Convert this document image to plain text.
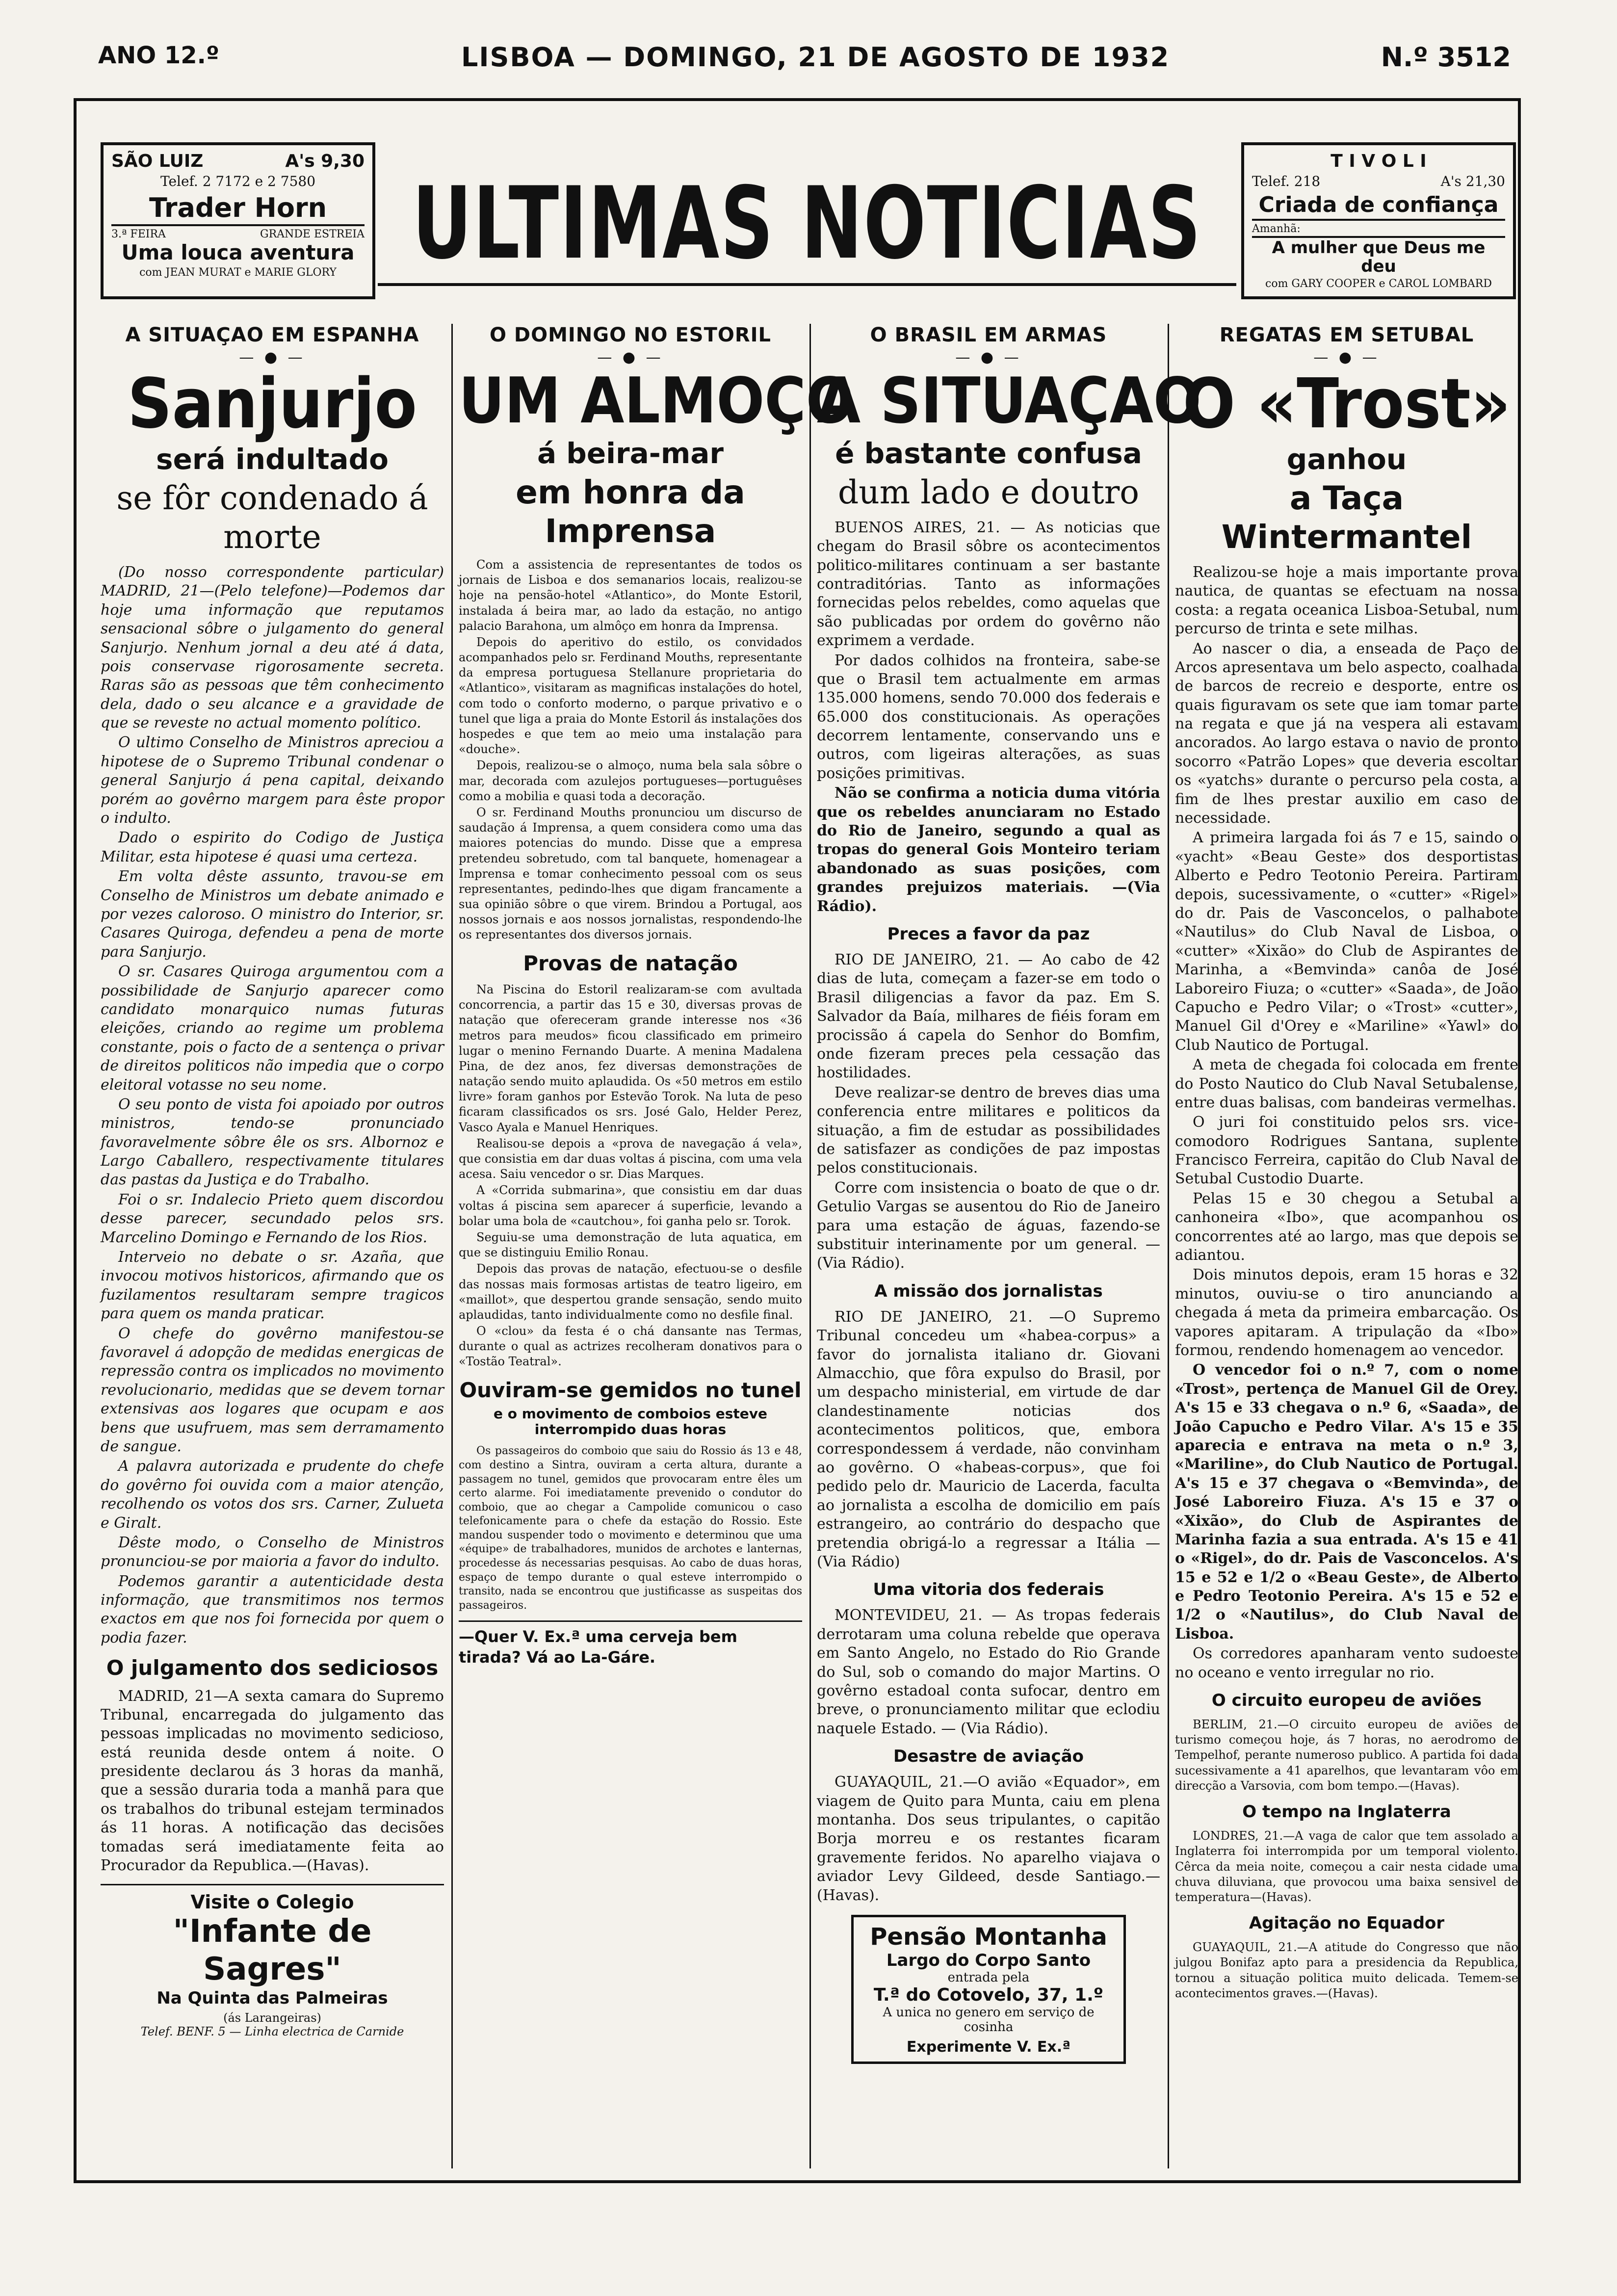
ANO 12.º	LISBOA — DOMINGO, 21 DE AGOSTO DE 1932	N.º 3512
SÃO LUIZ	A's 9,30
Telef. 2 7172 e 2 7580
Trader Horn
3.ª FEIRA	GRANDE ESTREIA
Uma louca aventura
com JEAN MURAT e MARIE GLORY	ULTIMAS NOTICIAS
T I V O L I
Telef. 218	A's 21,30
Criada de confiança
Amanhã:
A mulher que Deus me deu
com GARY COOPER e CAROL LOMBARD
A SITUAÇAO EM ESPANHA
— ● —
Sanjurjo
será indultado
se fôr condenado á morte

(Do nosso correspondente particular) MADRID, 21—(Pelo telefone)—Podemos dar hoje uma informação que reputamos sensacional sôbre o julgamento do general Sanjurjo. Nenhum jornal a deu até á data, pois conservase rigorosamente secreta. Raras são as pessoas que têm conhecimento dela, dado o seu alcance e a gravidade de que se reveste no actual momento político.

O ultimo Conselho de Ministros apreciou a hipotese de o Supremo Tribunal condenar o general Sanjurjo á pena capital, deixando porém ao govêrno margem para êste propor o indulto.

Dado o espirito do Codigo de Justiça Militar, esta hipotese é quasi uma certeza.

Em volta dêste assunto, travou-se em Conselho de Ministros um debate animado e por vezes caloroso. O ministro do Interior, sr. Casares Quiroga, defendeu a pena de morte para Sanjurjo.

O sr. Casares Quiroga argumentou com a possibilidade de Sanjurjo aparecer como candidato monarquico numas futuras eleições, criando ao regime um problema constante, pois o facto de a sentença o privar de direitos politicos não impedia que o corpo eleitoral votasse no seu nome.

O seu ponto de vista foi apoiado por outros ministros, tendo-se pronunciado favoravelmente sôbre êle os srs. Albornoz e Largo Caballero, respectivamente titulares das pastas da Justiça e do Trabalho.

Foi o sr. Indalecio Prieto quem discordou desse parecer, secundado pelos srs. Marcelino Domingo e Fernando de los Rios.

Interveio no debate o sr. Azaña, que invocou motivos historicos, afirmando que os fuzilamentos resultaram sempre tragicos para quem os manda praticar.

O chefe do govêrno manifestou-se favoravel á adopção de medidas energicas de repressão contra os implicados no movimento revolucionario, medidas que se devem tornar extensivas aos logares que ocupam e aos bens que usufruem, mas sem derramamento de sangue.

A palavra autorizada e prudente do chefe do govêrno foi ouvida com a maior atenção, recolhendo os votos dos srs. Carner, Zulueta e Giralt.

Dêste modo, o Conselho de Ministros pronunciou-se por maioria a favor do indulto.

Podemos garantir a autenticidade desta informação, que transmitimos nos termos exactos em que nos foi fornecida por quem o podia fazer.

O julgamento dos sediciosos

MADRID, 21—A sexta camara do Supremo Tribunal, encarregada do julgamento das pessoas implicadas no movimento sedicioso, está reunida desde ontem á noite. O presidente declarou ás 3 horas da manhã, que a sessão duraria toda a manhã para que os trabalhos do tribunal estejam terminados ás 11 horas. A notificação das decisões tomadas será imediatamente feita ao Procurador da Republica.—(Havas).

Visite o Colegio
"Infante de Sagres"
Na Quinta das Palmeiras
(ás Larangeiras)
Telef. BENF. 5 — Linha electrica de Carnide
O DOMINGO NO ESTORIL
— ● —
UM ALMOÇO
á beira-mar
em honra da Imprensa

Com a assistencia de representantes de todos os jornais de Lisboa e dos semanarios locais, realizou-se hoje na pensão-hotel «Atlantico», do Monte Estoril, instalada á beira mar, ao lado da estação, no antigo palacio Barahona, um almôço em honra da Imprensa.

Depois do aperitivo do estilo, os convidados acompanhados pelo sr. Ferdinand Mouths, representante da empresa portuguesa Stellanure proprietaria do «Atlantico», visitaram as magnificas instalações do hotel, com todo o conforto moderno, o parque privativo e o tunel que liga a praia do Monte Estoril ás instalações dos hospedes e que tem ao meio uma instalação para «douche».

Depois, realizou-se o almoço, numa bela sala sôbre o mar, decorada com azulejos portugueses—portuguêses como a mobilia e quasi toda a decoração.

O sr. Ferdinand Mouths pronunciou um discurso de saudação á Imprensa, a quem considera como uma das maiores potencias do mundo. Disse que a empresa pretendeu sobretudo, com tal banquete, homenagear a Imprensa e tomar conhecimento pessoal com os seus representantes, pedindo-lhes que digam francamente a sua opinião sôbre o que virem. Brindou a Portugal, aos nossos jornais e aos nossos jornalistas, respondendo-lhe os representantes dos diversos jornais.

Provas de natação

Na Piscina do Estoril realizaram-se com avultada concorrencia, a partir das 15 e 30, diversas provas de natação que ofereceram grande interesse nos «36 metros para meudos» ficou classificado em primeiro lugar o menino Fernando Duarte. A menina Madalena Pina, de dez anos, fez diversas demonstrações de natação sendo muito aplaudida. Os «50 metros em estilo livre» foram ganhos por Estevão Torok. Na luta de peso ficaram classificados os srs. José Galo, Helder Perez, Vasco Ayala e Manuel Henriques.

Realisou-se depois a «prova de navegação á vela», que consistia em dar duas voltas á piscina, com uma vela acesa. Saiu vencedor o sr. Dias Marques.

A «Corrida submarina», que consistiu em dar duas voltas á piscina sem aparecer á superficie, levando a bolar uma bola de «cautchou», foi ganha pelo sr. Torok.

Seguiu-se uma demonstração de luta aquatica, em que se distinguiu Emilio Ronau.

Depois das provas de natação, efectuou-se o desfile das nossas mais formosas artistas de teatro ligeiro, em «maillot», que despertou grande sensação, sendo muito aplaudidas, tanto individualmente como no desfile final.

O «clou» da festa é o chá dansante nas Termas, durante o qual as actrizes recolheram donativos para o «Tostão Teatral».

Ouviram-se gemidos no tunel
e o movimento de comboios esteve interrompido duas horas

Os passageiros do comboio que saiu do Rossio ás 13 e 48, com destino a Sintra, ouviram a certa altura, durante a passagem no tunel, gemidos que provocaram entre êles um certo alarme. Foi imediatamente prevenido o condutor do comboio, que ao chegar a Campolide comunicou o caso telefonicamente para o chefe da estação do Rossio. Este mandou suspender todo o movimento e determinou que uma «équipe» de trabalhadores, munidos de archotes e lanternas, procedesse ás necessarias pesquisas. Ao cabo de duas horas, espaço de tempo durante o qual esteve interrompido o transito, nada se encontrou que justificasse as suspeitas dos passageiros.

—Quer V. Ex.ª uma cerveja bem tirada? Vá ao La-Gáre.
O BRASIL EM ARMAS
— ● —
A SITUAÇAO
é bastante confusa
dum lado e doutro

BUENOS AIRES, 21. — As noticias que chegam do Brasil sôbre os acontecimentos politico-militares continuam a ser bastante contraditórias. Tanto as informações fornecidas pelos rebeldes, como aquelas que são publicadas por ordem do govêrno não exprimem a verdade.

Por dados colhidos na fronteira, sabe-se que o Brasil tem actualmente em armas 135.000 homens, sendo 70.000 dos federais e 65.000 dos constitucionais. As operações decorrem lentamente, conservando uns e outros, com ligeiras alterações, as suas posições primitivas.

Não se confirma a noticia duma vitória que os rebeldes anunciaram no Estado do Rio de Janeiro, segundo a qual as tropas do general Gois Monteiro teriam abandonado as suas posições, com grandes prejuizos materiais. —(Via Rádio).

Preces a favor da paz

RIO DE JANEIRO, 21. — Ao cabo de 42 dias de luta, começam a fazer-se em todo o Brasil diligencias a favor da paz. Em S. Salvador da Baía, milhares de fiéis foram em procissão á capela do Senhor do Bomfim, onde fizeram preces pela cessação das hostilidades.

Deve realizar-se dentro de breves dias uma conferencia entre militares e politicos da situação, a fim de estudar as possibilidades de satisfazer as condições de paz impostas pelos constitucionais.

Corre com insistencia o boato de que o dr. Getulio Vargas se ausentou do Rio de Janeiro para uma estação de águas, fazendo-se substituir interinamente por um general. — (Via Rádio).

A missão dos jornalistas

RIO DE JANEIRO, 21. —O Supremo Tribunal concedeu um «habea-corpus» a favor do jornalista italiano dr. Giovani Almacchio, que fôra expulso do Brasil, por um despacho ministerial, em virtude de dar clandestinamente noticias dos acontecimentos politicos, que, embora correspondessem á verdade, não convinham ao govêrno. O «habeas-corpus», que foi pedido pelo dr. Mauricio de Lacerda, faculta ao jornalista a escolha de domicilio em país estrangeiro, ao contrário do despacho que pretendia obrigá-lo a regressar a Itália — (Via Rádio)

Uma vitoria dos federais

MONTEVIDEU, 21. — As tropas federais derrotaram uma coluna rebelde que operava em Santo Angelo, no Estado do Rio Grande do Sul, sob o comando do major Martins. O govêrno estadoal conta sufocar, dentro em breve, o pronunciamento militar que eclodiu naquele Estado. — (Via Rádio).

Desastre de aviação

GUAYAQUIL, 21.—O avião «Equador», em viagem de Quito para Munta, caiu em plena montanha. Dos seus tripulantes, o capitão Borja morreu e os restantes ficaram gravemente feridos. No aparelho viajava o aviador Levy Gildeed, desde Santiago.— (Havas).

Pensão Montanha
Largo do Corpo Santo
entrada pela
T.ª do Cotovelo, 37, 1.º
A unica no genero em serviço de cosinha
Experimente V. Ex.ª
REGATAS EM SETUBAL
— ● —
O «Trost»
ganhou
a Taça Wintermantel

Realizou-se hoje a mais importante prova nautica, de quantas se efectuam na nossa costa: a regata oceanica Lisboa-Setubal, num percurso de trinta e sete milhas.

Ao nascer o dia, a enseada de Paço de Arcos apresentava um belo aspecto, coalhada de barcos de recreio e desporte, entre os quais figuravam os sete que iam tomar parte na regata e que já na vespera ali estavam ancorados. Ao largo estava o navio de pronto socorro «Patrão Lopes» que deveria escoltar os «yatchs» durante o percurso pela costa, a fim de lhes prestar auxilio em caso de necessidade.

A primeira largada foi ás 7 e 15, saindo o «yacht» «Beau Geste» dos desportistas Alberto e Pedro Teotonio Pereira. Partiram depois, sucessivamente, o «cutter» «Rigel» do dr. Pais de Vasconcelos, o palhabote «Nautilus» do Club Naval de Lisboa, o «cutter» «Xixão» do Club de Aspirantes de Marinha, a «Bemvinda» canôa de José Laboreiro Fiuza; o «cutter» «Saada», de João Capucho e Pedro Vilar; o «Trost» «cutter», Manuel Gil d'Orey e «Mariline» «Yawl» do Club Nautico de Portugal.

A meta de chegada foi colocada em frente do Posto Nautico do Club Naval Setubalense, entre duas balisas, com bandeiras vermelhas.

O juri foi constituido pelos srs. vice-comodoro Rodrigues Santana, suplente Francisco Ferreira, capitão do Club Naval de Setubal Custodio Duarte.

Pelas 15 e 30 chegou a Setubal a canhoneira «Ibo», que acompanhou os concorrentes até ao largo, mas que depois se adiantou.

Dois minutos depois, eram 15 horas e 32 minutos, ouviu-se o tiro anunciando a chegada á meta da primeira embarcação. Os vapores apitaram. A tripulação da «Ibo» formou, rendendo homenagem ao vencedor.

O vencedor foi o n.º 7, com o nome «Trost», pertença de Manuel Gil de Orey. A's 15 e 33 chegava o n.º 6, «Saada», de João Capucho e Pedro Vilar. A's 15 e 35 aparecia e entrava na meta o n.º 3, «Mariline», do Club Nautico de Portugal. A's 15 e 37 chegava o «Bemvinda», de José Laboreiro Fiuza. A's 15 e 37 o «Xixão», do Club de Aspirantes de Marinha fazia a sua entrada. A's 15 e 41 o «Rigel», do dr. Pais de Vasconcelos. A's 15 e 52 e 1/2 o «Beau Geste», de Alberto e Pedro Teotonio Pereira. A's 15 e 52 e 1/2 o «Nautilus», do Club Naval de Lisboa.

Os corredores apanharam vento sudoeste no oceano e vento irregular no rio.

O circuito europeu de aviões

BERLIM, 21.—O circuito europeu de aviões de turismo começou hoje, ás 7 horas, no aerodromo de Tempelhof, perante numeroso publico. A partida foi dada sucessivamente a 41 aparelhos, que levantaram vôo em direcção a Varsovia, com bom tempo.—(Havas).

O tempo na Inglaterra

LONDRES, 21.—A vaga de calor que tem assolado a Inglaterra foi interrompida por um temporal violento. Cêrca da meia noite, começou a cair nesta cidade uma chuva diluviana, que provocou uma baixa sensivel de temperatura—(Havas).

Agitação no Equador

GUAYAQUIL, 21.—A atitude do Congresso que não julgou Bonifaz apto para a presidencia da Republica, tornou a situação politica muito delicada. Temem-se acontecimentos graves.—(Havas).
